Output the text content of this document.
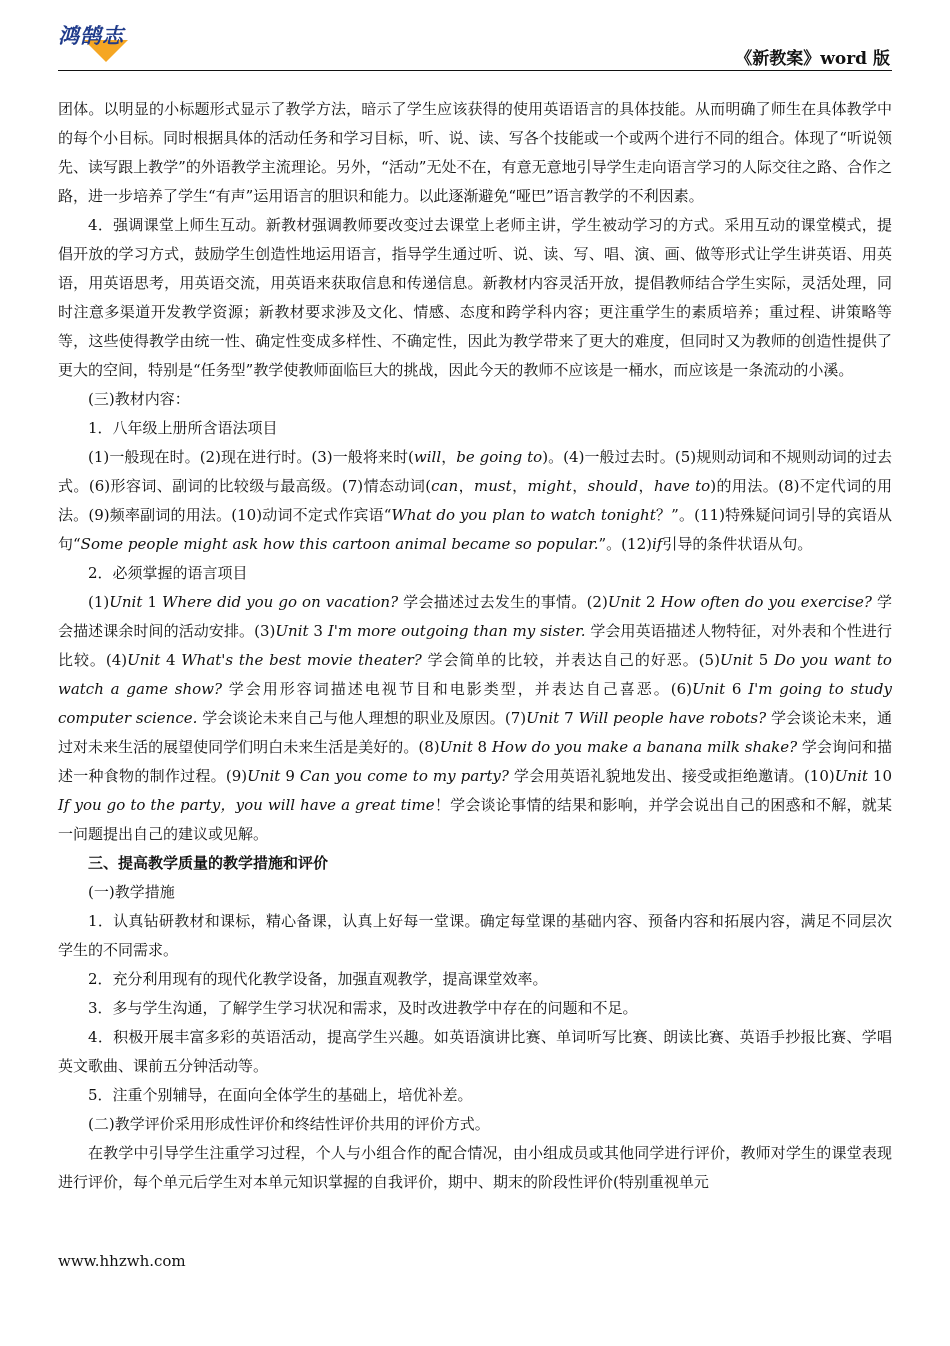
鸿鹄志
《新教案》word 版

团体。以明显的小标题形式显示了教学方法，暗示了学生应该获得的使用英语语言的具体技能。从而明确了师生在具体教学中的每个小目标。同时根据具体的活动任务和学习目标，听、说、读、写各个技能或一个或两个进行不同的组合。体现了“听说领先、读写跟上教学”的外语教学主流理论。另外，“活动”无处不在，有意无意地引导学生走向语言学习的人际交往之路、合作之路，进一步培养了学生“有声”运用语言的胆识和能力。以此逐渐避免“哑巴”语言教学的不利因素。

4．强调课堂上师生互动。新教材强调教师要改变过去课堂上老师主讲，学生被动学习的方式。采用互动的课堂模式，提倡开放的学习方式，鼓励学生创造性地运用语言，指导学生通过听、说、读、写、唱、演、画、做等形式让学生讲英语、用英语，用英语思考，用英语交流，用英语来获取信息和传递信息。新教材内容灵活开放，提倡教师结合学生实际，灵活处理，同时注意多渠道开发教学资源；新教材要求涉及文化、情感、态度和跨学科内容；更注重学生的素质培养；重过程、讲策略等等，这些使得教学由统一性、确定性变成多样性、不确定性，因此为教学带来了更大的难度，但同时又为教师的创造性提供了更大的空间，特别是“任务型”教学使教师面临巨大的挑战，因此今天的教师不应该是一桶水，而应该是一条流动的小溪。

(三)教材内容：

1．八年级上册所含语法项目

(1)一般现在时。(2)现在进行时。(3)一般将来时(will，be going to)。(4)一般过去时。(5)规则动词和不规则动词的过去式。(6)形容词、副词的比较级与最高级。(7)情态动词(can，must，might，should，have to)的用法。(8)不定代词的用法。(9)频率副词的用法。(10)动词不定式作宾语“What do you plan to watch tonight？”。(11)特殊疑问词引导的宾语从句“Some people might ask how this cartoon animal became so popular.”。(12)if引导的条件状语从句。

2．必须掌握的语言项目

(1)Unit 1 Where did you go on vacation? 学会描述过去发生的事情。(2)Unit 2 How often do you exercise? 学会描述课余时间的活动安排。(3)Unit 3 I'm more outgoing than my sister. 学会用英语描述人物特征，对外表和个性进行比较。(4)Unit 4 What's the best movie theater? 学会简单的比较，并表达自己的好恶。(5)Unit 5 Do you want to watch a game show? 学会用形容词描述电视节目和电影类型，并表达自己喜恶。(6)Unit 6 I'm going to study computer science. 学会谈论未来自己与他人理想的职业及原因。(7)Unit 7 Will people have robots? 学会谈论未来，通过对未来生活的展望使同学们明白未来生活是美好的。(8)Unit 8 How do you make a banana milk shake? 学会询问和描述一种食物的制作过程。(9)Unit 9 Can you come to my party? 学会用英语礼貌地发出、接受或拒绝邀请。(10)Unit 10 If you go to the party，you will have a great time！学会谈论事情的结果和影响，并学会说出自己的困惑和不解，就某一问题提出自己的建议或见解。

三、提高教学质量的教学措施和评价

(一)教学措施

1．认真钻研教材和课标，精心备课，认真上好每一堂课。确定每堂课的基础内容、预备内容和拓展内容，满足不同层次学生的不同需求。

2．充分利用现有的现代化教学设备，加强直观教学，提高课堂效率。

3．多与学生沟通，了解学生学习状况和需求，及时改进教学中存在的问题和不足。

4．积极开展丰富多彩的英语活动，提高学生兴趣。如英语演讲比赛、单词听写比赛、朗读比赛、英语手抄报比赛、学唱英文歌曲、课前五分钟活动等。

5．注重个别辅导，在面向全体学生的基础上，培优补差。

(二)教学评价采用形成性评价和终结性评价共用的评价方式。

在教学中引导学生注重学习过程，个人与小组合作的配合情况，由小组成员或其他同学进行评价，教师对学生的课堂表现进行评价，每个单元后学生对本单元知识掌握的自我评价，期中、期末的阶段性评价(特别重视单元

www.hhzwh.com
